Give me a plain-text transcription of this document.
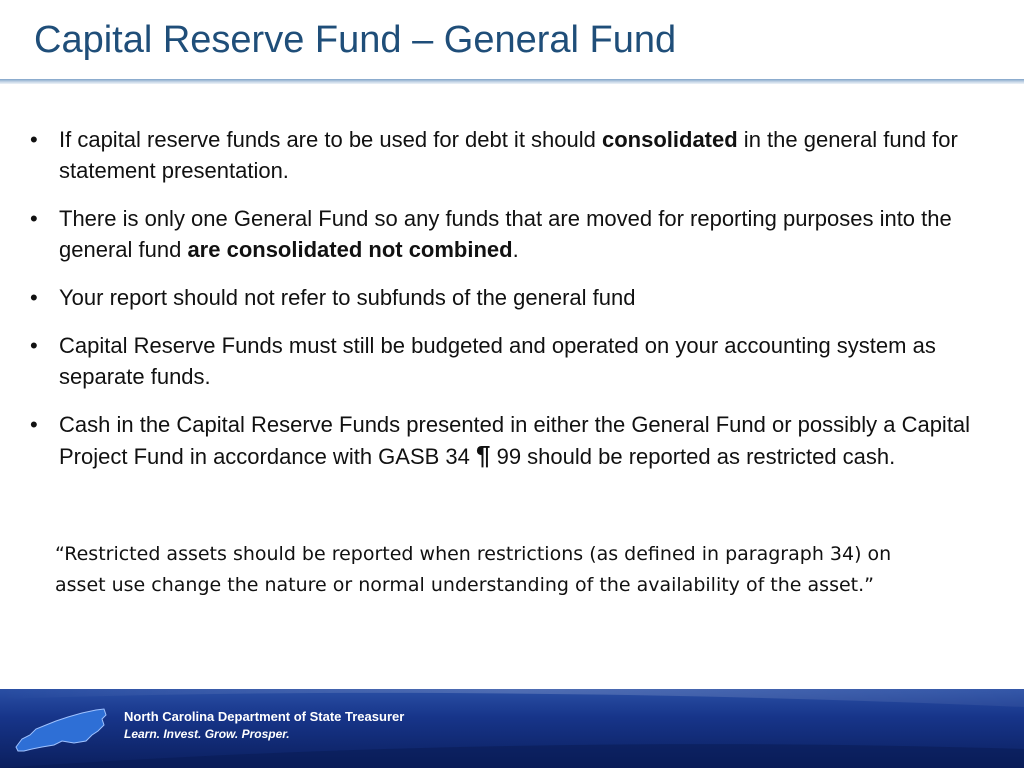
Capital Reserve Fund – General Fund
• If capital reserve funds are to be used for debt it should consolidated in the general fund for statement presentation.
• There is only one General Fund so any funds that are moved for reporting purposes into the general fund are consolidated not combined.
• Your report should not refer to subfunds of the general fund
• Capital Reserve Funds must still be budgeted and operated on your accounting system as separate funds.
• Cash in the Capital Reserve Funds presented in either the General Fund or possibly a Capital Project Fund in accordance with GASB 34 ¶ 99 should be reported as restricted cash.

“Restricted assets should be reported when restrictions (as defined in paragraph 34) on asset use change the nature or normal understanding of the availability of the asset.”

North Carolina Department of State Treasurer
Learn. Invest. Grow. Prosper.
